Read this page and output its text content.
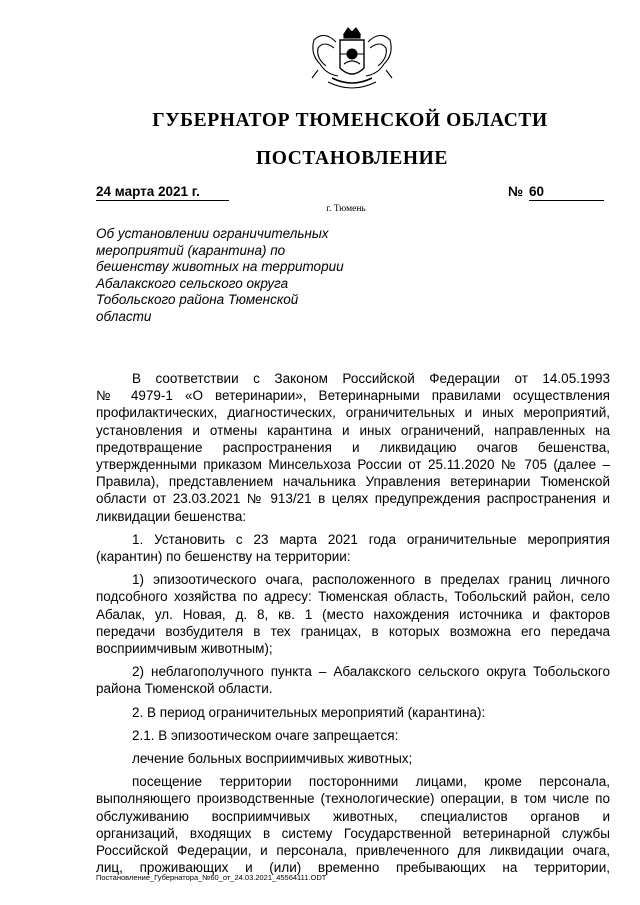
ГУБЕРНАТОР ТЮМЕНСКОЙ ОБЛАСТИ
ПОСТАНОВЛЕНИЕ
24 марта 2021 г.	№ 60
г. Тюмень
Об установлении ограничительных
мероприятий (карантина) по
бешенству животных на территории
Абалакского сельского округа
Тобольского района Тюменской
области

В соответствии с Законом Российской Федерации от 14.05.1993
№ 4979-1 «О ветеринарии», Ветеринарными правилами осуществления
профилактических, диагностических, ограничительных и иных мероприятий,
установления и отмены карантина и иных ограничений, направленных на
предотвращение распространения и ликвидацию очагов бешенства,
утвержденными приказом Минсельхоза России от 25.11.2020 № 705 (далее –
Правила), представлением начальника Управления ветеринарии Тюменской
области от 23.03.2021 № 913/21 в целях предупреждения распространения и
ликвидации бешенства:

1. Установить с 23 марта 2021 года ограничительные мероприятия
(карантин) по бешенству на территории:

1) эпизоотического очага, расположенного в пределах границ личного
подсобного хозяйства по адресу: Тюменская область, Тобольский район, село
Абалак, ул. Новая, д. 8, кв. 1 (место нахождения источника и факторов
передачи возбудителя в тех границах, в которых возможна его передача
восприимчивым животным);

2) неблагополучного пункта – Абалакского сельского округа Тобольского
района Тюменской области.

2. В период ограничительных мероприятий (карантина):

2.1. В эпизоотическом очаге запрещается:

лечение больных восприимчивых животных;

посещение территории посторонними лицами, кроме персонала,
выполняющего производственные (технологические) операции, в том числе по
обслуживанию восприимчивых животных, специалистов органов и
организаций, входящих в систему Государственной ветеринарной службы
Российской Федерации, и персонала, привлеченного для ликвидации очага,
лиц, проживающих и (или) временно пребывающих на территории,

Постановление_Губернатора_№60_от_24.03.2021_45564111.ODT
